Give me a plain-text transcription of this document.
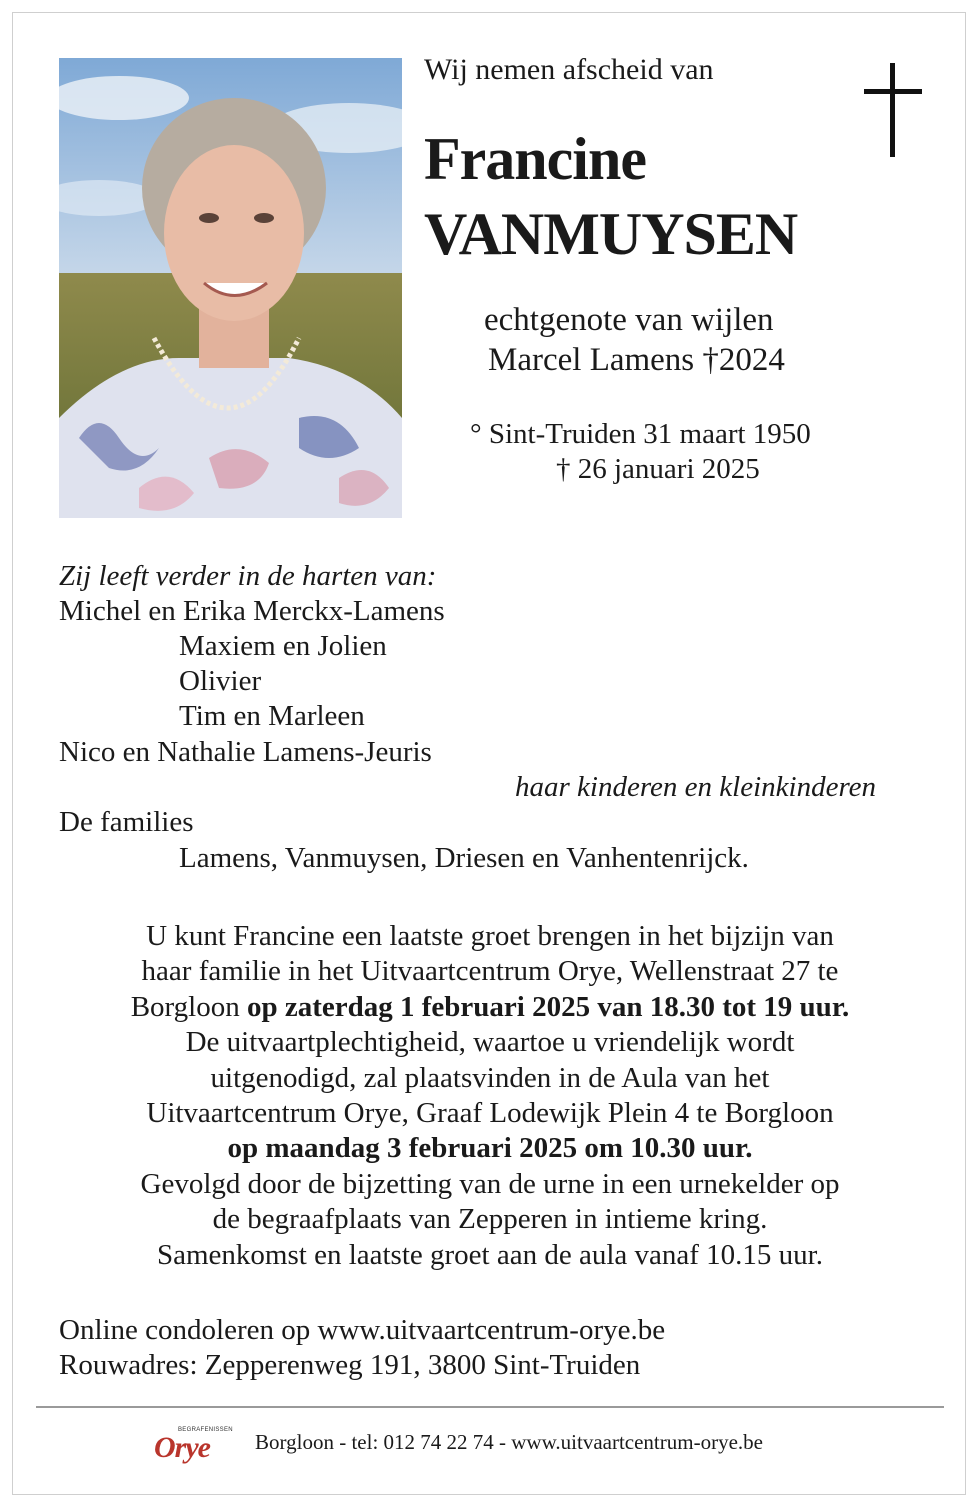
Wij nemen afscheid van
Francine
VANMUYSEN
echtgenote van wijlen
Marcel Lamens †2024
° Sint-Truiden 31 maart 1950
† 26 januari 2025
Zij leeft verder in de harten van:
Michel en Erika Merckx-Lamens
Maxiem en Jolien
Olivier
Tim en Marleen
Nico en Nathalie Lamens-Jeuris
haar kinderen en kleinkinderen
De families
Lamens, Vanmuysen, Driesen en Vanhentenrijck.

U kunt Francine een laatste groet brengen in het bijzijn van

haar familie in het Uitvaartcentrum Orye, Wellenstraat 27 te

Borgloon op zaterdag 1 februari 2025 van 18.30 tot 19 uur.

De uitvaartplechtigheid, waartoe u vriendelijk wordt

uitgenodigd, zal plaatsvinden in de Aula van het

Uitvaartcentrum Orye, Graaf Lodewijk Plein 4 te Borgloon

op maandag 3 februari 2025 om 10.30 uur.

Gevolgd door de bijzetting van de urne in een urnekelder op

de begraafplaats van Zepperen in intieme kring.

Samenkomst en laatste groet aan de aula vanaf 10.15 uur.

Online condoleren op www.uitvaartcentrum-orye.be
Rouwadres: Zepperenweg 191, 3800 Sint-Truiden
BEGRAFENISSEN
Orye Borgloon - tel: 012 74 22 74 - www.uitvaartcentrum-orye.be
